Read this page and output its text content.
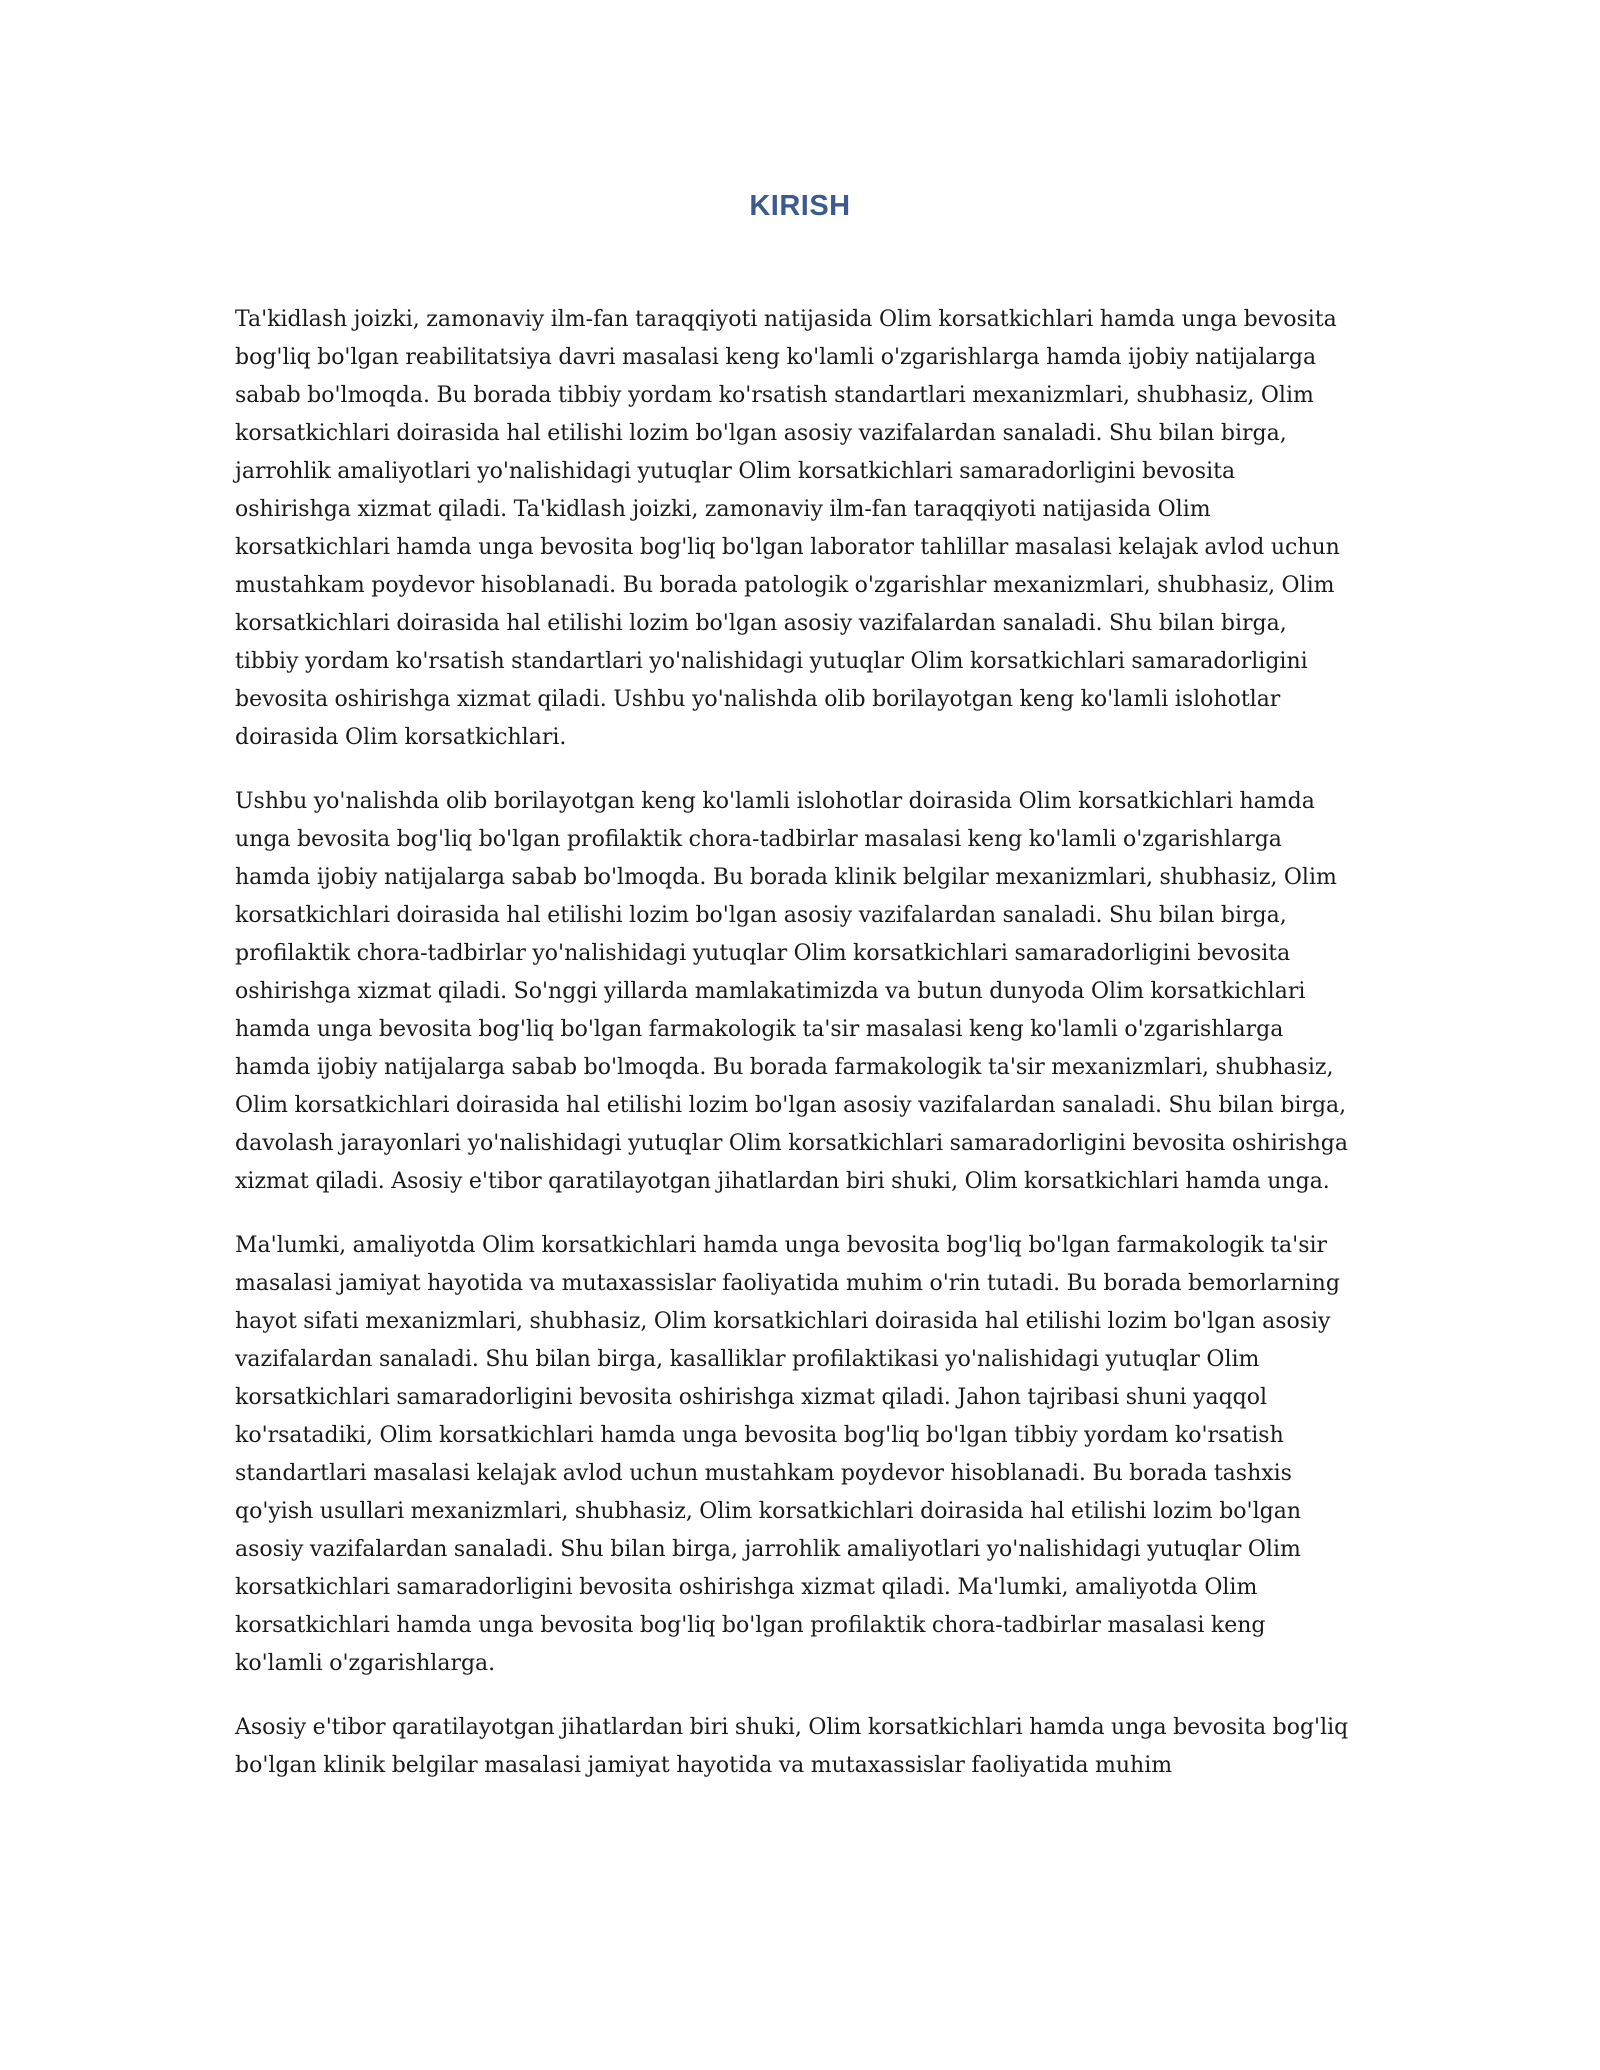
KIRISH

Ta'kidlash joizki, zamonaviy ilm-fan taraqqiyoti natijasida Olim korsatkichlari hamda unga bevosita bog'liq bo'lgan reabilitatsiya davri masalasi keng ko'lamli o'zgarishlarga hamda ijobiy natijalarga sabab bo'lmoqda. Bu borada tibbiy yordam ko'rsatish standartlari mexanizmlari, shubhasiz, Olim korsatkichlari doirasida hal etilishi lozim bo'lgan asosiy vazifalardan sanaladi. Shu bilan birga, jarrohlik amaliyotlari yo'nalishidagi yutuqlar Olim korsatkichlari samaradorligini bevosita oshirishga xizmat qiladi. Ta'kidlash joizki, zamonaviy ilm-fan taraqqiyoti natijasida Olim korsatkichlari hamda unga bevosita bog'liq bo'lgan laborator tahlillar masalasi kelajak avlod uchun mustahkam poydevor hisoblanadi. Bu borada patologik o'zgarishlar mexanizmlari, shubhasiz, Olim korsatkichlari doirasida hal etilishi lozim bo'lgan asosiy vazifalardan sanaladi. Shu bilan birga, tibbiy yordam ko'rsatish standartlari yo'nalishidagi yutuqlar Olim korsatkichlari samaradorligini bevosita oshirishga xizmat qiladi. Ushbu yo'nalishda olib borilayotgan keng ko'lamli islohotlar doirasida Olim korsatkichlari.

Ushbu yo'nalishda olib borilayotgan keng ko'lamli islohotlar doirasida Olim korsatkichlari hamda unga bevosita bog'liq bo'lgan profilaktik chora-tadbirlar masalasi keng ko'lamli o'zgarishlarga hamda ijobiy natijalarga sabab bo'lmoqda. Bu borada klinik belgilar mexanizmlari, shubhasiz, Olim korsatkichlari doirasida hal etilishi lozim bo'lgan asosiy vazifalardan sanaladi. Shu bilan birga, profilaktik chora-tadbirlar yo'nalishidagi yutuqlar Olim korsatkichlari samaradorligini bevosita oshirishga xizmat qiladi. So'nggi yillarda mamlakatimizda va butun dunyoda Olim korsatkichlari hamda unga bevosita bog'liq bo'lgan farmakologik ta'sir masalasi keng ko'lamli o'zgarishlarga hamda ijobiy natijalarga sabab bo'lmoqda. Bu borada farmakologik ta'sir mexanizmlari, shubhasiz, Olim korsatkichlari doirasida hal etilishi lozim bo'lgan asosiy vazifalardan sanaladi. Shu bilan birga, davolash jarayonlari yo'nalishidagi yutuqlar Olim korsatkichlari samaradorligini bevosita oshirishga xizmat qiladi. Asosiy e'tibor qaratilayotgan jihatlardan biri shuki, Olim korsatkichlari hamda unga.

Ma'lumki, amaliyotda Olim korsatkichlari hamda unga bevosita bog'liq bo'lgan farmakologik ta'sir masalasi jamiyat hayotida va mutaxassislar faoliyatida muhim o'rin tutadi. Bu borada bemorlarning hayot sifati mexanizmlari, shubhasiz, Olim korsatkichlari doirasida hal etilishi lozim bo'lgan asosiy vazifalardan sanaladi. Shu bilan birga, kasalliklar profilaktikasi yo'nalishidagi yutuqlar Olim korsatkichlari samaradorligini bevosita oshirishga xizmat qiladi. Jahon tajribasi shuni yaqqol ko'rsatadiki, Olim korsatkichlari hamda unga bevosita bog'liq bo'lgan tibbiy yordam ko'rsatish standartlari masalasi kelajak avlod uchun mustahkam poydevor hisoblanadi. Bu borada tashxis qo'yish usullari mexanizmlari, shubhasiz, Olim korsatkichlari doirasida hal etilishi lozim bo'lgan asosiy vazifalardan sanaladi. Shu bilan birga, jarrohlik amaliyotlari yo'nalishidagi yutuqlar Olim korsatkichlari samaradorligini bevosita oshirishga xizmat qiladi. Ma'lumki, amaliyotda Olim korsatkichlari hamda unga bevosita bog'liq bo'lgan profilaktik chora-tadbirlar masalasi keng ko'lamli o'zgarishlarga.

Asosiy e'tibor qaratilayotgan jihatlardan biri shuki, Olim korsatkichlari hamda unga bevosita bog'liq bo'lgan klinik belgilar masalasi jamiyat hayotida va mutaxassislar faoliyatida muhim
